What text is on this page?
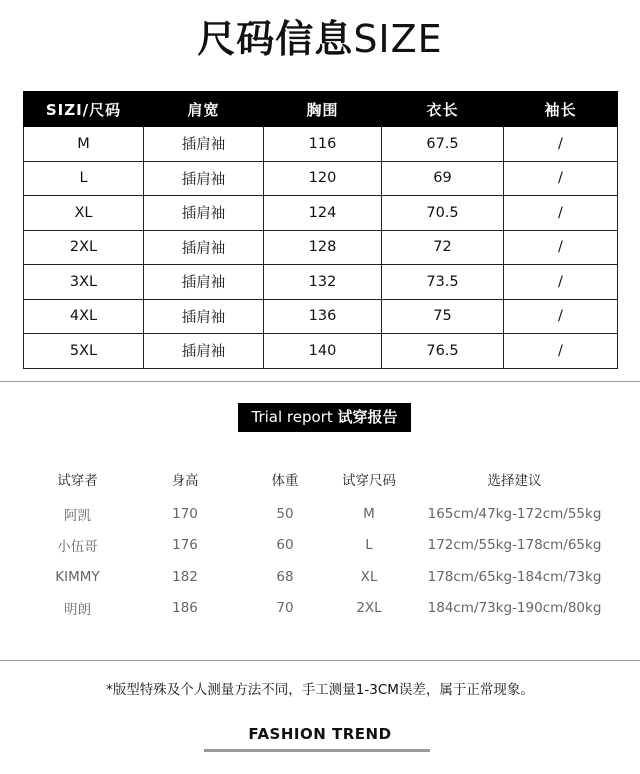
尺码信息SIZE
SIZI/尺码	肩宽	胸围	衣长	袖长
M	插肩袖	116	67.5	/
L	插肩袖	120	69	/
XL	插肩袖	124	70.5	/
2XL	插肩袖	128	72	/
3XL	插肩袖	132	73.5	/
4XL	插肩袖	136	75	/
5XL	插肩袖	140	76.5	/
Trial report 试穿报告
试穿者	身高	体重	试穿尺码	选择建议
阿凯	170	50	M	165cm/47kg-172cm/55kg
小伍哥	176	60	L	172cm/55kg-178cm/65kg
KIMMY	182	68	XL	178cm/65kg-184cm/73kg
明朗	186	70	2XL	184cm/73kg-190cm/80kg
*版型特殊及个人测量方法不同，手工测量1-3CM误差，属于正常现象。
FASHION TREND
